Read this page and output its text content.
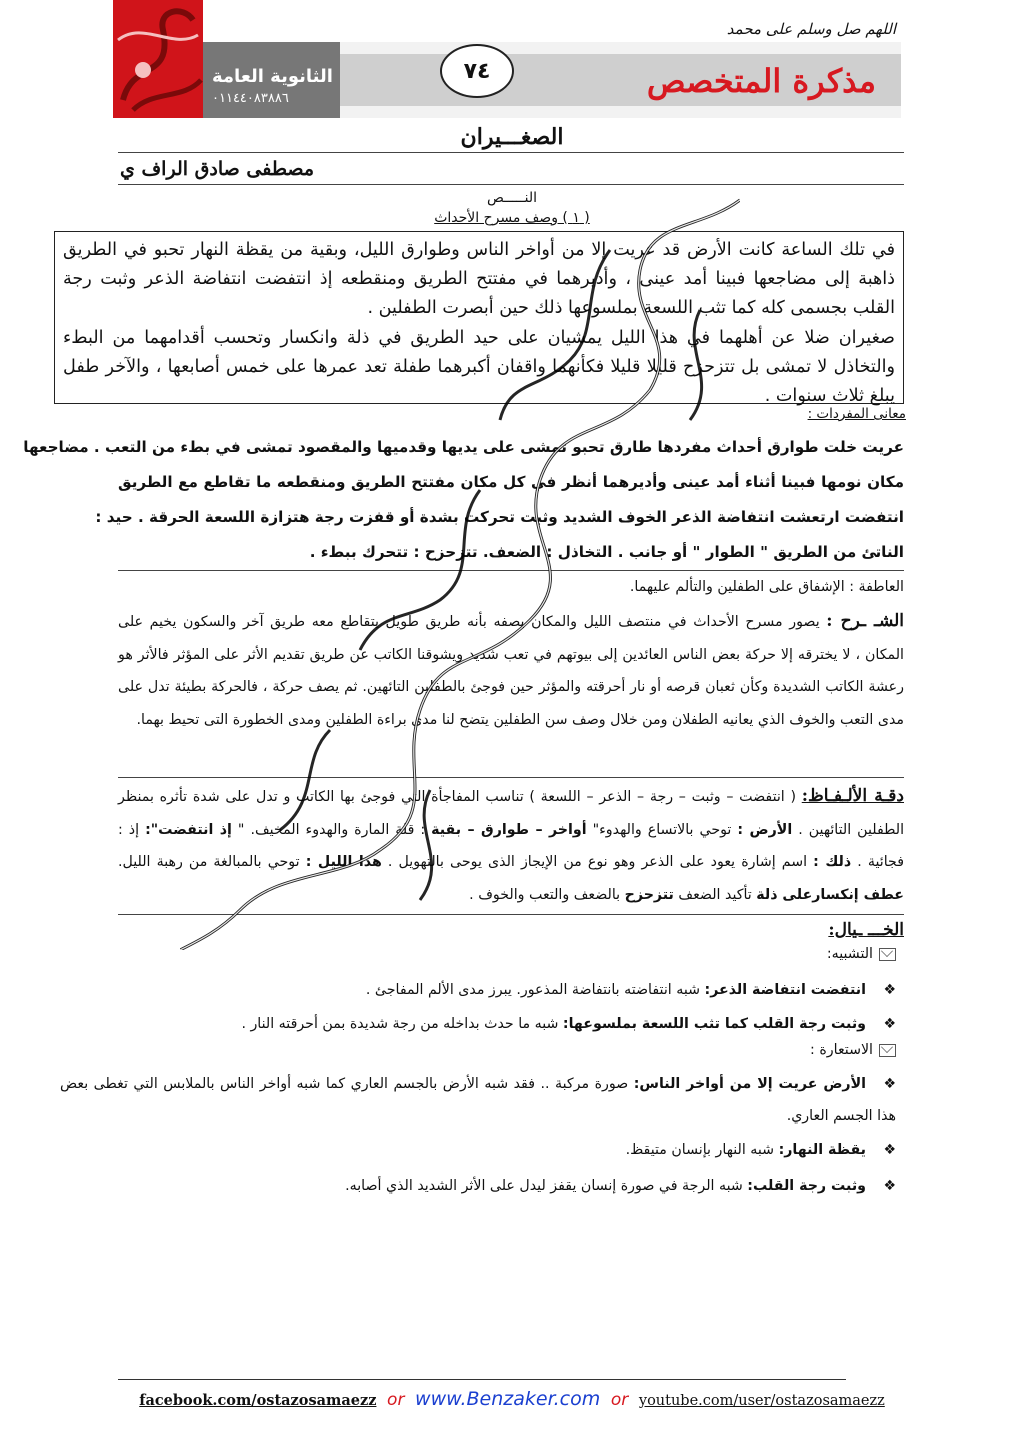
اللهم صل وسلم على محمد
الثانوية العامة
٠١١٤٤٠٨٣٨٨٦	مذكرة المتخصص
٧٤
الصغـــيران
مصطفى صادق الراف ي
النـــــص
( ١ ) وصف مسرح الأحداث

في تلك الساعة كانت الأرض قد عريت إلا من أواخر الناس وطوارق الليل، وبقية من يقظة النهار تحبو في الطريق ذاهبة إلى مضاجعها فبينا أمد عينى ، وأديرهما في مفتتح الطريق ومنقطعه إذ انتفضت انتفاضة الذعر وثبت رجة القلب بجسمى كله كما تثب اللسعة بملسوعها ذلك حين أبصرت الطفلين .

صغيران ضلا عن أهلهما في هذا الليل يمشيان على حيد الطريق في ذلة وانكسار وتحسب أقدامهما من البطء والتخاذل لا تمشى بل تتزحزح قليلا قليلا فكأنهما واقفان أكبرهما طفلة تعد عمرها على خمس أصابعها ، والآخر طفل يبلغ ثلاث سنوات .

معانى المفردات :
عريت خلت طوارق أحداث مفردها طارق تحبو تمشى على يديها وقدميها والمقصود تمشى في بطء من التعب . مضاجعها
مكان نومها فبينا أثناء أمد عينى وأديرهما أنظر في كل مكان مفتتح الطريق ومنقطعه ما تقاطع مع الطريق
انتفضت ارتعشت انتفاضة الذعر الخوف الشديد وثبت تحركت بشدة أو قفزت رجة هتزازة اللسعة الحرقة . حيد :
الناتئ من الطريق " الطوار " أو جانب . التخاذل : الضعف. تتزحزح : تتحرك ببطء .

العاطفة : الإشفاق على الطفلين والتألم عليهما.

الشـ ـرح : يصور مسرح الأحداث في منتصف الليل والمكان يصفه بأنه طريق طويل يتقاطع معه طريق آخر والسكون يخيم على المكان ، لا يخترقه إلا حركة بعض الناس العائدين إلى بيوتهم في تعب شديد ويشوقنا الكاتب عن طريق تقديم الأثر على المؤثر فالأثر هو رعشة الكاتب الشديدة وكأن ثعبان قرصه أو نار أحرقته والمؤثر حين فوجئ بالطفلين التائهين. ثم يصف حركة ، فالحركة بطيئة تدل على مدى التعب والخوف الذي يعانيه الطفلان ومن خلال وصف سن الطفلين يتضح لنا مدى براءة الطفلين ومدى الخطورة التى تحيط بهما.

دقـة الألـفـاظ: ( انتفضت – وثبت – رجة – الذعر – اللسعة ) تناسب المفاجأة التي فوجئ بها الكاتب و تدل على شدة تأثره بمنظر الطفلين التائهين . الأرض : توحي بالاتساع والهدوء" أواخر – طوارق – بقية : قلة المارة والهدوء المخيف. " إذ انتفضت": إذ : فجائية . ذلك : اسم إشارة يعود على الذعر وهو نوع من الإيجاز الذى يوحى بالتهويل . هذا الليل : توحي بالمبالغة من رهبة الليل. عطف إنكسارعلى ذلة تأكيد الضعف تتزحزح بالضعف والتعب والخوف .

الخـــ ـيال:
التشبيه:
❖انتفضت انتفاضة الذعر: شبه انتفاضته بانتفاضة المذعور. يبرز مدى الألم المفاجئ .
❖وثبت رجة القلب كما تثب اللسعة بملسوعها: شبه ما حدث بداخله من رجة شديدة بمن أحرقته النار .
الاستعارة :
❖الأرض عريت إلا من أواخر الناس: صورة مركبة .. فقد شبه الأرض بالجسم العاري كما شبه أواخر الناس بالملابس التي تغطى بعض هذا الجسم العاري.
❖يقظة النهار: شبه النهار بإنسان متيقظ.
❖وثبت رجة القلب: شبه الرجة في صورة إنسان يقفز ليدل على الأثر الشديد الذي أصابه.
facebook.com/ostazosamaezz or www.Benzaker.com or youtube.com/user/ostazosamaezz
